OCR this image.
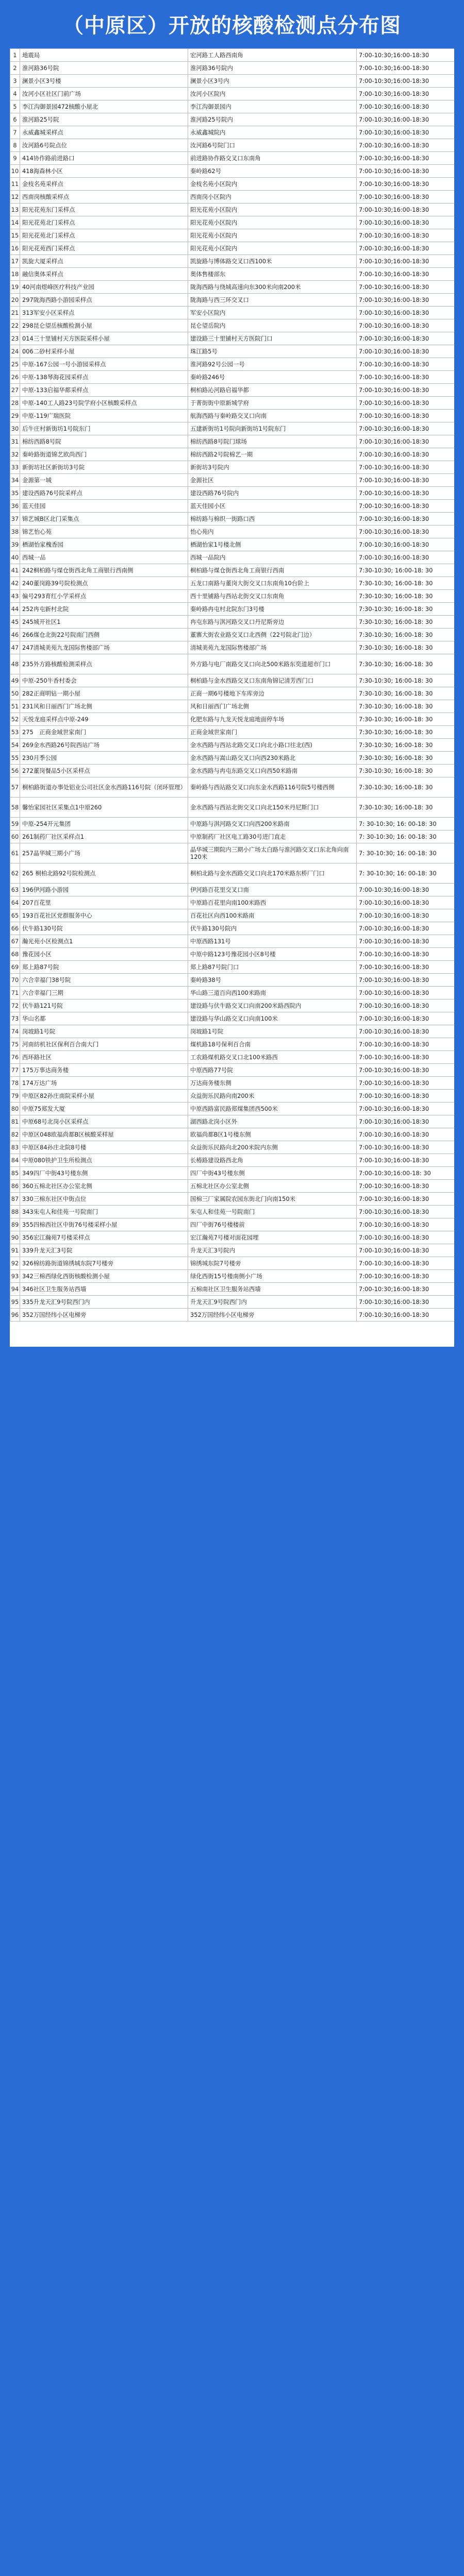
（中原区）开放的核酸检测点分布图
1	地震局	宏河路工人路西南角	7:00-10:30;16:00-18:30
2	淮河路36号院	淮河路36号院内	7:00-10:30;16:00-18:30
3	澜景小区3号楼	澜景小区3号内	7:00-10:30;16:00-18:30
4	汝河小区社区门前广场	汝河小区院内	7:00-10:30;16:00-18:30
5	李江沟御景园472核酸小屋北	李江沟御景园内	7:00-10:30;16:00-18:30
6	淮河路25号院	淮河路25号院内	7:00-10:30;16:00-18:30
7	永威鑫城采样点	永威鑫城院内	7:00-10:30;16:00-18:30
8	汝河路6号院点位	汝河路6号院门口	7:00-10:30;16:00-18:30
9	414协作路前进路口	前进路协作路交叉口东南角	7:00-10:30;16:00-18:30
10	418海森林小区	秦岭路62号	7:00-10:30;16:00-18:30
11	金枝名苑采样点	金枝名苑小区院内	7:00-10:30;16:00-18:30
12	西南岗核酸采样点	西南岗小区院内	7:00-10:30;16:00-18:30
13	阳光花苑东门采样点	阳光花苑小区院内	7:00-10:30;16:00-18:30
14	阳光花苑北门采样点	阳光花苑小区院内	7:00-10:30;16:00-18:30
15	阳光花苑北门采样点	阳光花苑小区院内	7:00-10:30;16:00-18:30
16	阳光花苑西门采样点	阳光花苑小区院内	7:00-10:30;16:00-18:30
17	凯旋大厦采样点	凯旋路与博体路交叉口西100米	7:00-10:30;16:00-18:30
18	融信奥体采样点	奥体售楼部东	7:00-10:30;16:00-18:30
19	40河南煜峰医疗科技产业园	陇海西路与绕城高速向东300米向南200米	7:00-10:30;16:00-18:30
20	297陇海西路小游园采样点	陇海路与西三环交叉口	7:00-10:30;16:00-18:30
21	313军安小区采样点	军安小区院内	7:00-10:30;16:00-18:30
22	298昆仑望岳核酸检测小屋	昆仑望岳院内	7:00-10:30;16:00-18:30
23	014三十里铺村天方医院采样小屋	建设路三十里铺村天方医院门口	7:00-10:30;16:00-18:30
24	006二砂村采样小屋	珠江路5号	7:00-10:30;16:00-18:30
25	中原-167公园一号小游园采样点	淮河路92号公园一号	7:00-10:30;16:00-18:30
26	中原-138琴海花园采样点	秦岭路246号	7:00-10:30;16:00-18:30
27	中原-133启福华都采样点	桐柏路沁河路启福华都	7:00-10:30;16:00-18:30
28	中原-140工人路23号院学府小区核酸采样点	于菁街街中原新城学府	7:00-10:30;16:00-18:30
29	中原-119广瑞医院	航海西路与秦岭路交叉口向南	7:00-10:30;16:00-18:30
30	后牛庄村新街坊1号院东门	五建新街坊1号院向新街坊1号院东门	7:00-10:30;16:00-18:30
31	棉纺西路8号院	棉纺西路8号院门球场	7:00-10:30;16:00-18:30
32	秦岭路街道锦艺欧尚西门	棉纺西路2号院棉艺一期	7:00-10:30;16:00-18:30
33	新街坊社区新街坊3号院	新街坊3号院内	7:00-10:30;16:00-18:30
34	金源第一城	金源社区	7:00-10:30;16:00-18:30
35	建设西路76号院采样点	建设西路76号院内	7:00-10:30;16:00-18:30
36	蓝天佳园	蓝天佳园小区	7:00-10:30;16:00-18:30
37	锦艺城B区北门采集点	棉纺路与棉织一街路口西	7:00-10:30;16:00-18:30
38	锦艺怡心苑	怡心苑内	7:00-10:30;16:00-18:30
39	栖湖怡家槐香园	栖湖怡家1号楼北侧	7:00-10:30;16:00-18:30
40	西城一品	西城一品院内	7:00-10:30;16:00-18:30
41	242桐柏路与煤仓街西北角工商银行西南侧	桐柏路与煤仓街西北角工商银行西南	7:30-10:30; 16:00-18: 30
42	240董岗路39号院检测点	五龙口南路与董岗大街交叉口东南角10台阶上	7:30-10:30; 16:00-18: 30
43	偏号293育红小学采样点	西十里铺路与西站北街交叉口东南角	7:30-10:30; 16:00-18: 30
44	252冉屯新村北院	秦岭路冉屯村北院东门3号楼	7:30-10:30; 16:00-18: 30
45	245城开社区1	冉屯东路与淇河路交叉口丹尼斯旁边	7:30-10:30; 16:00-18: 30
46	266煤仓北街22号院南门西侧	董寨大街农业路交叉口北西侧（22号院北门边）	7:30-10:30; 16:00-18: 30
47	247清城美苑九龙国际售楼部广场	清城美苑九龙国际售楼部广场	7:30-10:30; 16:00-18: 30
48	235外方路核酸检测采样点	外方路与电厂南路交叉口向北500米路东奕道超市门口	7:30-10:30; 16:00-18: 30
49	中原-250牛香村委会	桐柏路与金水西路交叉口东南角锦记清芳西门口	7:30-10:30; 16:00-18: 30
50	282正商明钻一期小屋	正商一期6号楼地下车库旁边	7:30-10:30; 16:00-18: 30
51	231风和日丽西门广场北侧	风和日丽西门广场北侧	7:30-10:30; 16:00-18: 30
52	天悦龙庭采样点中原-249	化肥东路与九龙天悦龙庭地面停车场	7:30-10:30; 16:00-18: 30
53	275　正商金域世家南门	正商金域世家南门	7:30-10:30; 16:00-18: 30
54	269金水西路26号院西站广场	金水西路与西站北路交叉口向北小路口往北(西)	7:30-10:30; 16:00-18: 30
55	230月季公园	金水西路与嵩山路交叉口向西230米路北	7:30-10:30; 16:00-18: 30
56	272董岗餐品5小区采样点	金水西路与冉屯东路交叉口向西50米路南	7:30-10:30; 16:00-18: 30
57	桐柏路街道办事处铝业公司社区金水西路116号院（闭环管理）	秦岭路与西站路交叉口向东金水西路116号院5号楼西侧	7:30-10:30; 16:00-18: 30
58	馨怡家园社区采集点1中原260	金水西路与西站北街交叉口向北150米丹尼斯门口	7:30-10:30; 16:00-18: 30
59	中原-254开元集团	中原路与淇河路交叉口向西200米路南	7: 30-10:30; 16: 00-18: 30
60	261制药厂社区采样点1	中原制药厂社区电工路30号进门直走	7: 30-10:30; 16: 00-18: 30
61	257晶华城三期小广场	晶华城三期院内三期小广场太白路与淮河路交叉口东北角向南120米	7: 30-10:30; 16: 00-18: 30
62	265 桐柏北路92号院检测点	桐柏北路与金水西路交叉口向北170米路东桥厂门口	7: 30-10:30; 16: 00-18: 30
63	196伊河路小游园	伊河路百花里交叉口南	7:00-10:30;16:00-18:30
64	207百花里	中原路百花里向南100米路西	7:00-10:30;16:00-18:30
65	193百花社区党群服务中心	百花社区向西100米路南	7:00-10:30;16:00-18:30
66	伏牛路130号院	伏牛路130号院内	7:00-10:30;16:00-18:30
67	瀚光苑小区检测点1	中原西路131号	7:00-10:30;16:00-18:30
68	豫花园小区	中原中路123号豫花园小区8号楼	7:00-10:30;16:00-18:30
69	郑上路87号院	郑上路87号院门口	7:00-10:30;16:00-18:30
70	六合幸福门38号院	秦岭路38号	7:00-10:30;16:00-18:30
71	六合幸福门三期	华山路三道百向西100米路南	7:00-10:30;16:00-18:30
72	伏牛路121号院	建设路与伏牛路交叉口向南200米路西院内	7:00-10:30;16:00-18:30
73	华山名都	建设路与华山路交叉口向南100米	7:00-10:30;16:00-18:30
74	岗坡路1号院	岗坡路1号院	7:00-10:30;16:00-18:30
75	河南纺机社区保利百合南大门	煤机路18号保利百合南	7:00-10:30;16:00-18:30
76	西环路社区	工农路煤机路交叉口北100米路西	7:00-10:30;16:00-18:30
77	175万事达商务楼	中原西路77号院	7:00-10:30;16:00-18:30
78	174万达广场	万达商务楼东侧	7:00-10:30;16:00-18:30
79	中原区82孙庄南院采样小屋	众益街乐民路向南200米	7:00-10:30;16:00-18:30
80	中原75郑发大厦	中原西路富民路郑煤集团西500米	7:00-10:30;16:00-18:30
81	中原68号北岗小区采样点	湖西路北岗小区外	7:00-10:30;16:00-18:30
82	中原区048欧福尚都B区核酸采样屋	欧福尚都B区1号楼东侧	7:00-10:30;16:00-18:30
83	中原区84孙庄北院8号楼	众益街乐民路向北200米院内东侧	7:00-10:30;16:00-18:30
84	中原080铁护卫生所检测点	长椿路建设路西北角	7:00-10:30;16:00-18:30
85	349四厂中街43号楼东侧	四厂中街43号楼东侧	7:00-10:30;16:00-18: 30
86	360五棉北社区办公室北侧	五棉北社区办公室北侧	7:00-10:30;16:00-18:30
87	330三棉东社区中街点位	国棉三厂家属院农园东街北门向南150米	7:00-10:30;16:00-18:30
88	343朱屯人和佳苑一号院南门	朱屯人和佳苑一号院南门	7:00-10:30;16:00-18:30
89	355四棉西社区中街76号楼采样小屋	四厂中街76号楼楼前	7:00-10:30;16:00-18:30
90	356宏江瀚苑7号楼采样点	宏江瀚苑7号楼对面花园埋	7:00-10:30;16:00-18:30
91	339升龙天汇3号院	升龙天汇3号院内	7:00-10:30;16:00-18:30
92	326棉纺路街道锦绣城东院7号楼旁	锦绣城东院7号楼旁	7:00-10:30;16:00-18:30
93	342三棉西绿化西街核酸检测小屋	绿化西街15号楼南侧小广场	7:00-10:30;16:00-18:30
94	346社区卫生服务站西墙	五棉南社区卫生服务站西墙	7:00-10:30;16:00-18:30
95	335升龙天汇9号院西门内	升龙天汇9号院西门内	7:00-10:30;16:00-18:30
96	352万国经纬小区电梯旁	352万国经纬小区电梯旁	7:00-10:30;16:00-18:30
